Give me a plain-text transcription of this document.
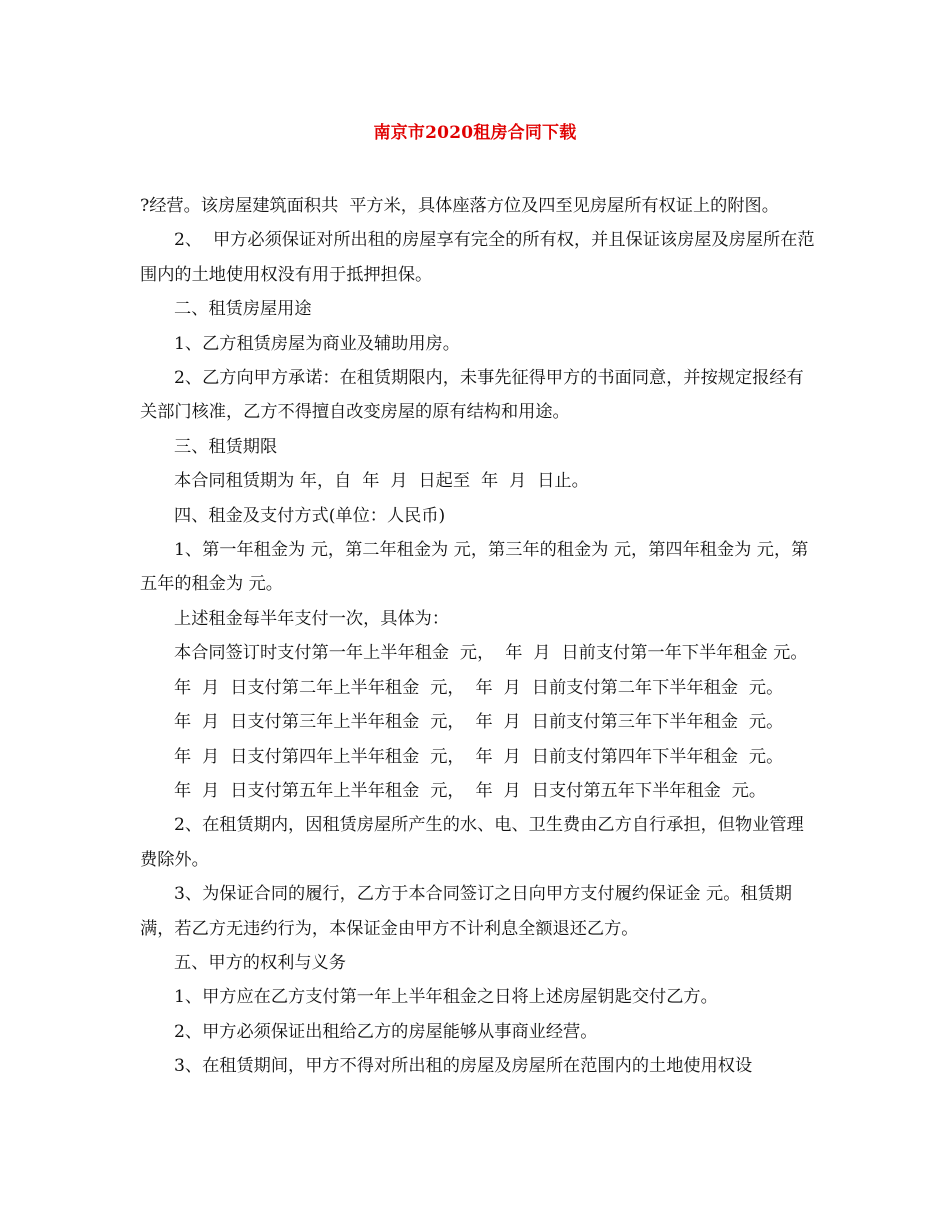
南京市2020租房合同下载

?经营。该房屋建筑面积共  平方米，具体座落方位及四至见房屋所有权证上的附图。

2、  甲方必须保证对所出租的房屋享有完全的所有权，并且保证该房屋及房屋所在范围内的土地使用权没有用于抵押担保。

二、租赁房屋用途

1、乙方租赁房屋为商业及辅助用房。

2、乙方向甲方承诺：在租赁期限内，未事先征得甲方的书面同意，并按规定报经有关部门核准，乙方不得擅自改变房屋的原有结构和用途。

三、租赁期限

本合同租赁期为 年，自  年  月  日起至  年  月  日止。

四、租金及支付方式(单位：人民币)

1、第一年租金为 元，第二年租金为 元，第三年的租金为 元，第四年租金为 元，第五年的租金为 元。

上述租金每半年支付一次，具体为：

本合同签订时支付第一年上半年租金  元，  年  月  日前支付第一年下半年租金 元。

年  月  日支付第二年上半年租金  元，  年  月  日前支付第二年下半年租金  元。

年  月  日支付第三年上半年租金  元，  年  月  日前支付第三年下半年租金  元。

年  月  日支付第四年上半年租金  元，  年  月  日前支付第四年下半年租金  元。

年  月  日支付第五年上半年租金  元，  年  月  日支付第五年下半年租金  元。

2、在租赁期内，因租赁房屋所产生的水、电、卫生费由乙方自行承担，但物业管理费除外。

3、为保证合同的履行，乙方于本合同签订之日向甲方支付履约保证金 元。租赁期满，若乙方无违约行为，本保证金由甲方不计利息全额退还乙方。

五、甲方的权利与义务

1、甲方应在乙方支付第一年上半年租金之日将上述房屋钥匙交付乙方。

2、甲方必须保证出租给乙方的房屋能够从事商业经营。

3、在租赁期间，甲方不得对所出租的房屋及房屋所在范围内的土地使用权设
